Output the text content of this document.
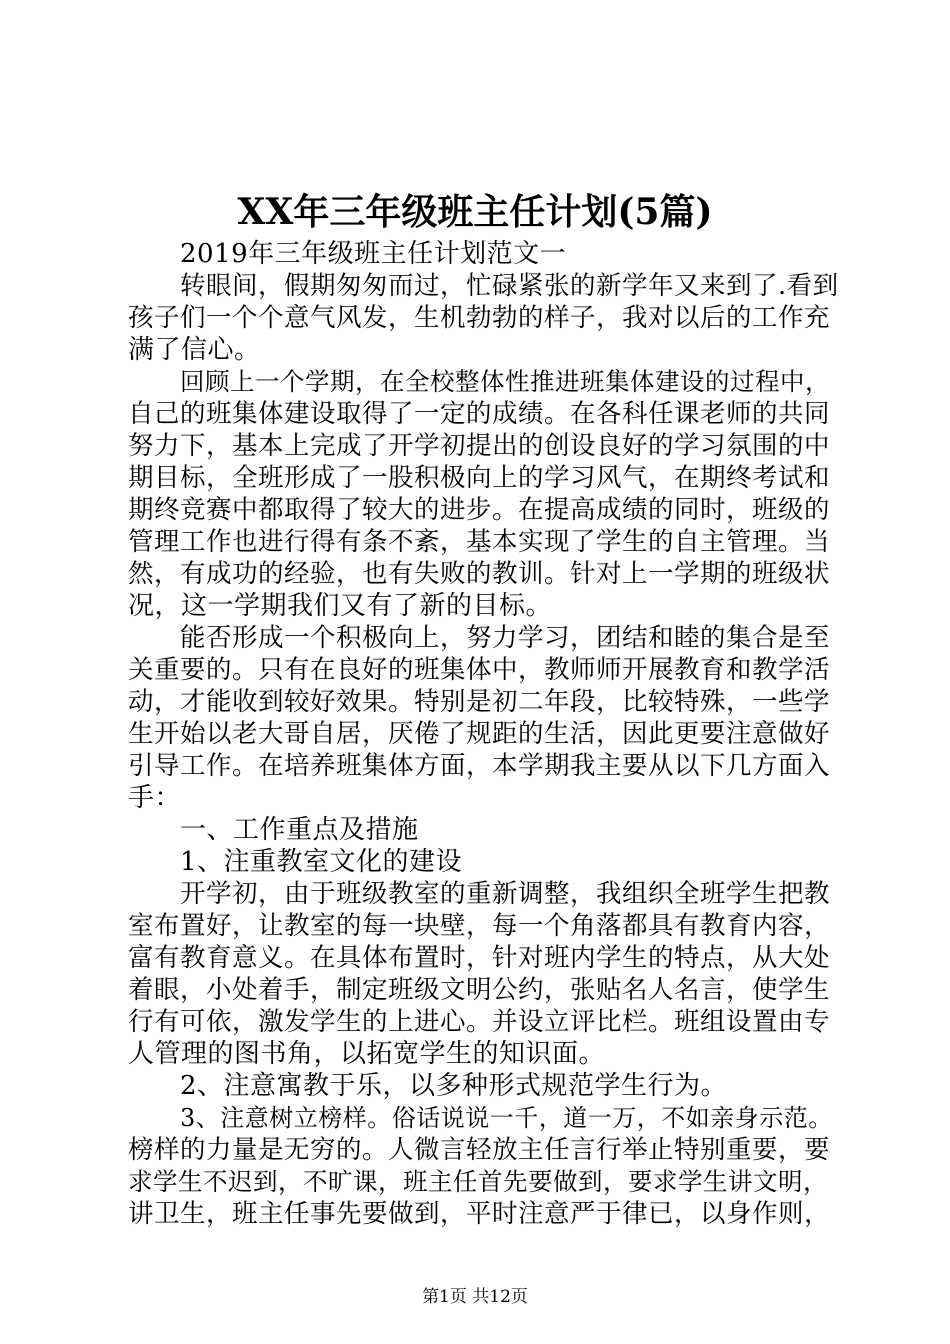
XX年三年级班主任计划(5篇)
2019年三年级班主任计划范文一
转眼间，假期匆匆而过，忙碌紧张的新学年又来到了.看到
孩子们一个个意气风发，生机勃勃的样子，我对以后的工作充
满了信心。
回顾上一个学期，在全校整体性推进班集体建设的过程中，
自己的班集体建设取得了一定的成绩。在各科任课老师的共同
努力下，基本上完成了开学初提出的创设良好的学习氛围的中
期目标，全班形成了一股积极向上的学习风气，在期终考试和
期终竞赛中都取得了较大的进步。在提高成绩的同时，班级的
管理工作也进行得有条不紊，基本实现了学生的自主管理。当
然，有成功的经验，也有失败的教训。针对上一学期的班级状
况，这一学期我们又有了新的目标。
能否形成一个积极向上，努力学习，团结和睦的集合是至
关重要的。只有在良好的班集体中，教师师开展教育和教学活
动，才能收到较好效果。特别是初二年段，比较特殊，一些学
生开始以老大哥自居，厌倦了规距的生活，因此更要注意做好
引导工作。在培养班集体方面，本学期我主要从以下几方面入
手：
一、工作重点及措施
1、注重教室文化的建设
开学初，由于班级教室的重新调整，我组织全班学生把教
室布置好，让教室的每一块壁，每一个角落都具有教育内容，
富有教育意义。在具体布置时，针对班内学生的特点，从大处
着眼，小处着手，制定班级文明公约，张贴名人名言，使学生
行有可依，激发学生的上进心。并设立评比栏。班组设置由专
人管理的图书角，以拓宽学生的知识面。
2、注意寓教于乐，以多种形式规范学生行为。
3、注意树立榜样。俗话说说一千，道一万，不如亲身示范。
榜样的力量是无穷的。人微言轻放主任言行举止特别重要，要
求学生不迟到，不旷课，班主任首先要做到，要求学生讲文明，
讲卫生，班主任事先要做到，平时注意严于律已，以身作则，
第1页 共12页
